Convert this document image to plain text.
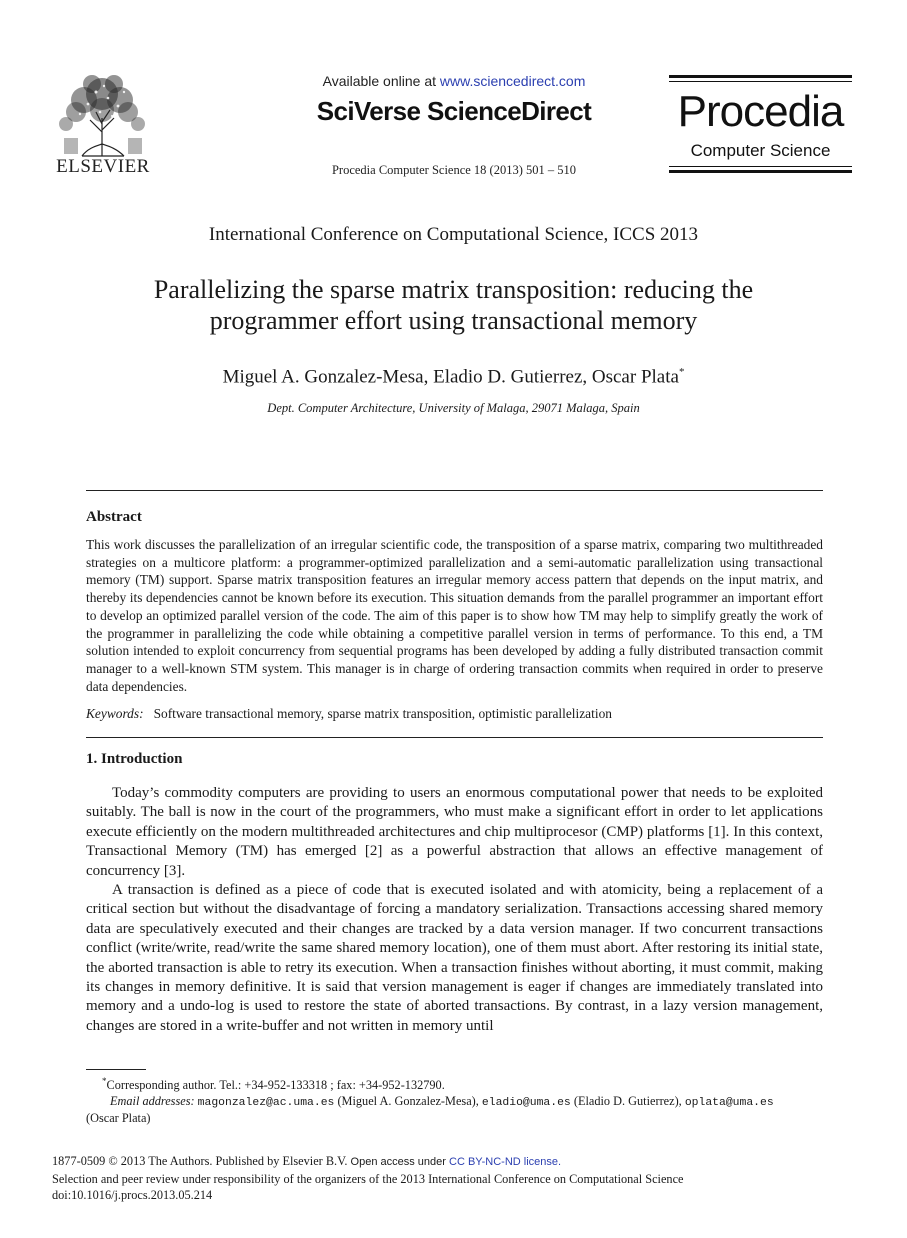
ELSEVIER
Available online at www.sciencedirect.com
SciVerse ScienceDirect
Procedia Computer Science 18 (2013) 501 – 510
Procedia
Computer Science
International Conference on Computational Science, ICCS 2013
Parallelizing the sparse matrix transposition: reducing the
programmer effort using transactional memory
Miguel A. Gonzalez-Mesa, Eladio D. Gutierrez, Oscar Plata*
Dept. Computer Architecture, University of Malaga, 29071 Malaga, Spain
Abstract
This work discusses the parallelization of an irregular scientific code, the transposition of a sparse matrix, comparing two multithreaded strategies on a multicore platform: a programmer-optimized parallelization and a semi-automatic parallelization using transactional memory (TM) support. Sparse matrix transposition features an irregular memory access pattern that depends on the input matrix, and thereby its dependencies cannot be known before its execution. This situation demands from the parallel programmer an important effort to develop an optimized parallel version of the code. The aim of this paper is to show how TM may help to simplify greatly the work of the programmer in parallelizing the code while obtaining a competitive parallel version in terms of performance. To this end, a TM solution intended to exploit concurrency from sequential programs has been developed by adding a fully distributed transaction commit manager to a well-known STM system. This manager is in charge of ordering transaction commits when required in order to preserve data dependencies.
Keywords: Software transactional memory, sparse matrix transposition, optimistic parallelization
1. Introduction

Today’s commodity computers are providing to users an enormous computational power that needs to be exploited suitably. The ball is now in the court of the programmers, who must make a significant effort in order to let applications execute efficiently on the modern multithreaded architectures and chip multiprocesor (CMP) platforms [1]. In this context, Transactional Memory (TM) has emerged [2] as a powerful abstraction that allows an effective management of concurrency [3].

A transaction is defined as a piece of code that is executed isolated and with atomicity, being a replacement of a critical section but without the disadvantage of forcing a mandatory serialization. Transactions accessing shared memory data are speculatively executed and their changes are tracked by a data version manager. If two concurrent transactions conflict (write/write, read/write the same shared memory location), one of them must abort. After restoring its initial state, the aborted transaction is able to retry its execution. When a transaction finishes without aborting, it must commit, making its changes in memory definitive. It is said that version management is eager if changes are immediately translated into memory and a undo-log is used to restore the state of aborted transactions. By contrast, in a lazy version management, changes are stored in a write-buffer and not written in memory until

*Corresponding author. Tel.: +34-952-133318 ; fax: +34-952-132790.
Email addresses: magonzalez@ac.uma.es (Miguel A. Gonzalez-Mesa), eladio@uma.es (Eladio D. Gutierrez), oplata@uma.es
(Oscar Plata)
1877-0509 © 2013 The Authors. Published by Elsevier B.V. Open access under CC BY-NC-ND license.
Selection and peer review under responsibility of the organizers of the 2013 International Conference on Computational Science
doi:10.1016/j.procs.2013.05.214
